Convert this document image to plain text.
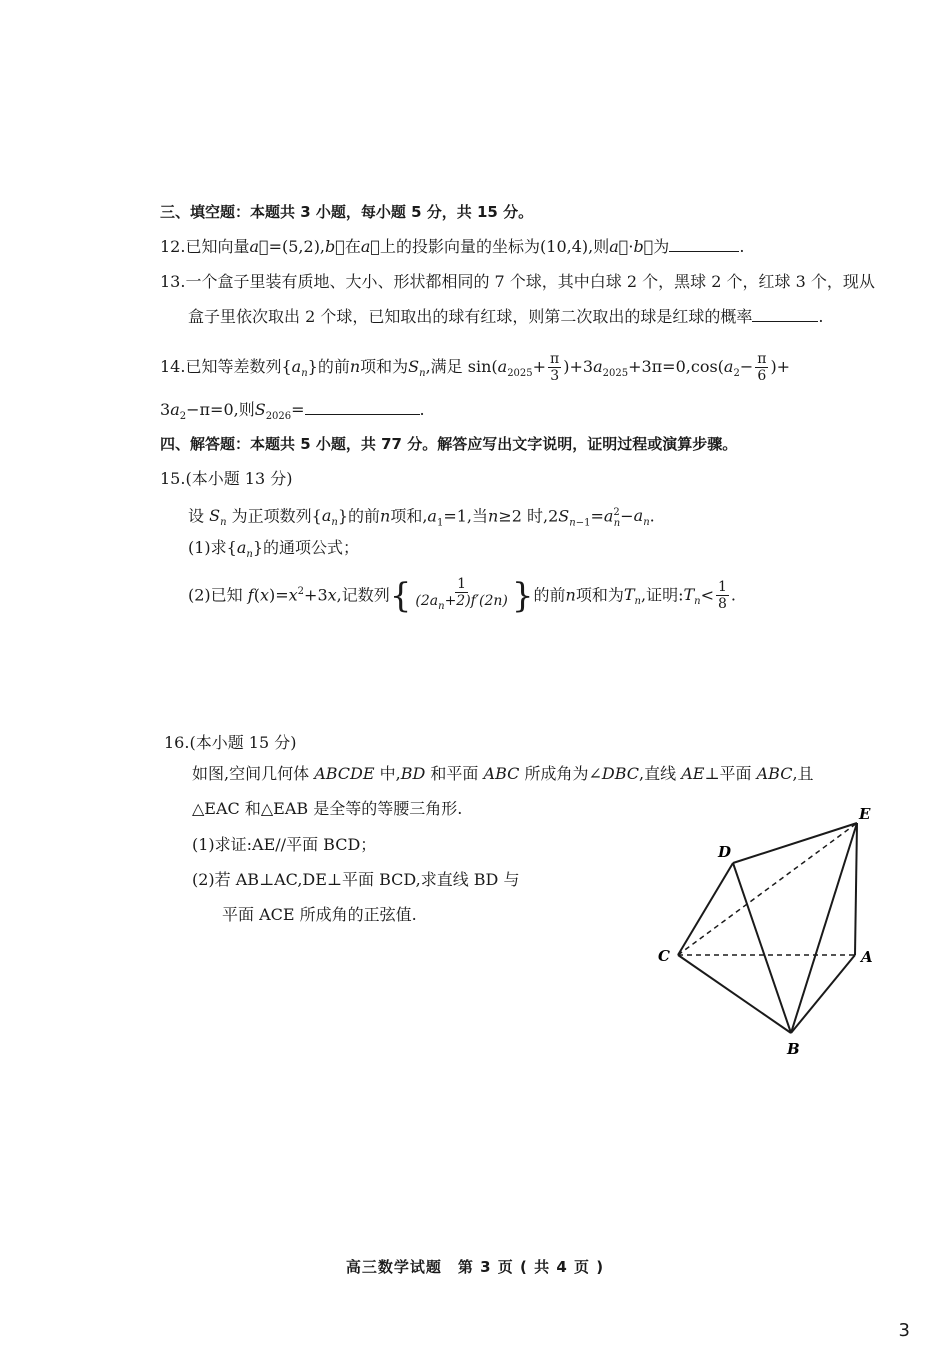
三、填空题：本题共 3 小题，每小题 5 分，共 15 分。
12.已知向量a⃗=(5,2),b⃗在a⃗上的投影向量的坐标为(10,4),则a⃗·b⃗为	.
13.一个盒子里装有质地、大小、形状都相同的 7 个球，其中白球 2 个，黑球 2 个，红球 3 个，现从
盒子里依次取出 2 个球，已知取出的球有红球，则第二次取出的球是红球的概率	.
14.已知等差数列$\{a_n\}$的前n项和为$S_n$,满足 $\sin(a_{2025}+ \frac{\pi}{3} )+3a_{2025}+3\pi=0,\cos(a_2- \frac{\pi}{6}$ )+
$3a_2-\pi=0$,则$S_{2026}=$	.
四、解答题：本题共 5 小题，共 77 分。解答应写出文字说明，证明过程或演算步骤。
15.(本小题 13 分)
设 $S_n$ 为正项数列$\{a_n\}$的前n项和$,a_1=1$,当n≥2 时$,2S_{n-1}=a^2_n-a_n$.
(1)求$\{a_n\}$的通项公式；
(2)已知 $f(x)=x^2+3x$,记数列{ $\frac{1}{(2a_n+2)f'(2n)}$ }的前n项和为$T_n$,证明$:T_n< \frac{1}{8}$ .
16.(本小题 15 分)
如图,空间几何体 ABCDE 中,BD 和平面 ABC 所成角为∠DBC,直线 AE⊥平面 ABC,且
△EAC 和△EAB 是全等的等腰三角形.
(1)求证:AE//平面 BCD；
(2)若 AB⊥AC,DE⊥平面 BCD,求直线 BD 与
平面 ACE 所成角的正弦值.
E
D
C	A
B
高三数学试题　第 3 页 ( 共 4 页 )
3
